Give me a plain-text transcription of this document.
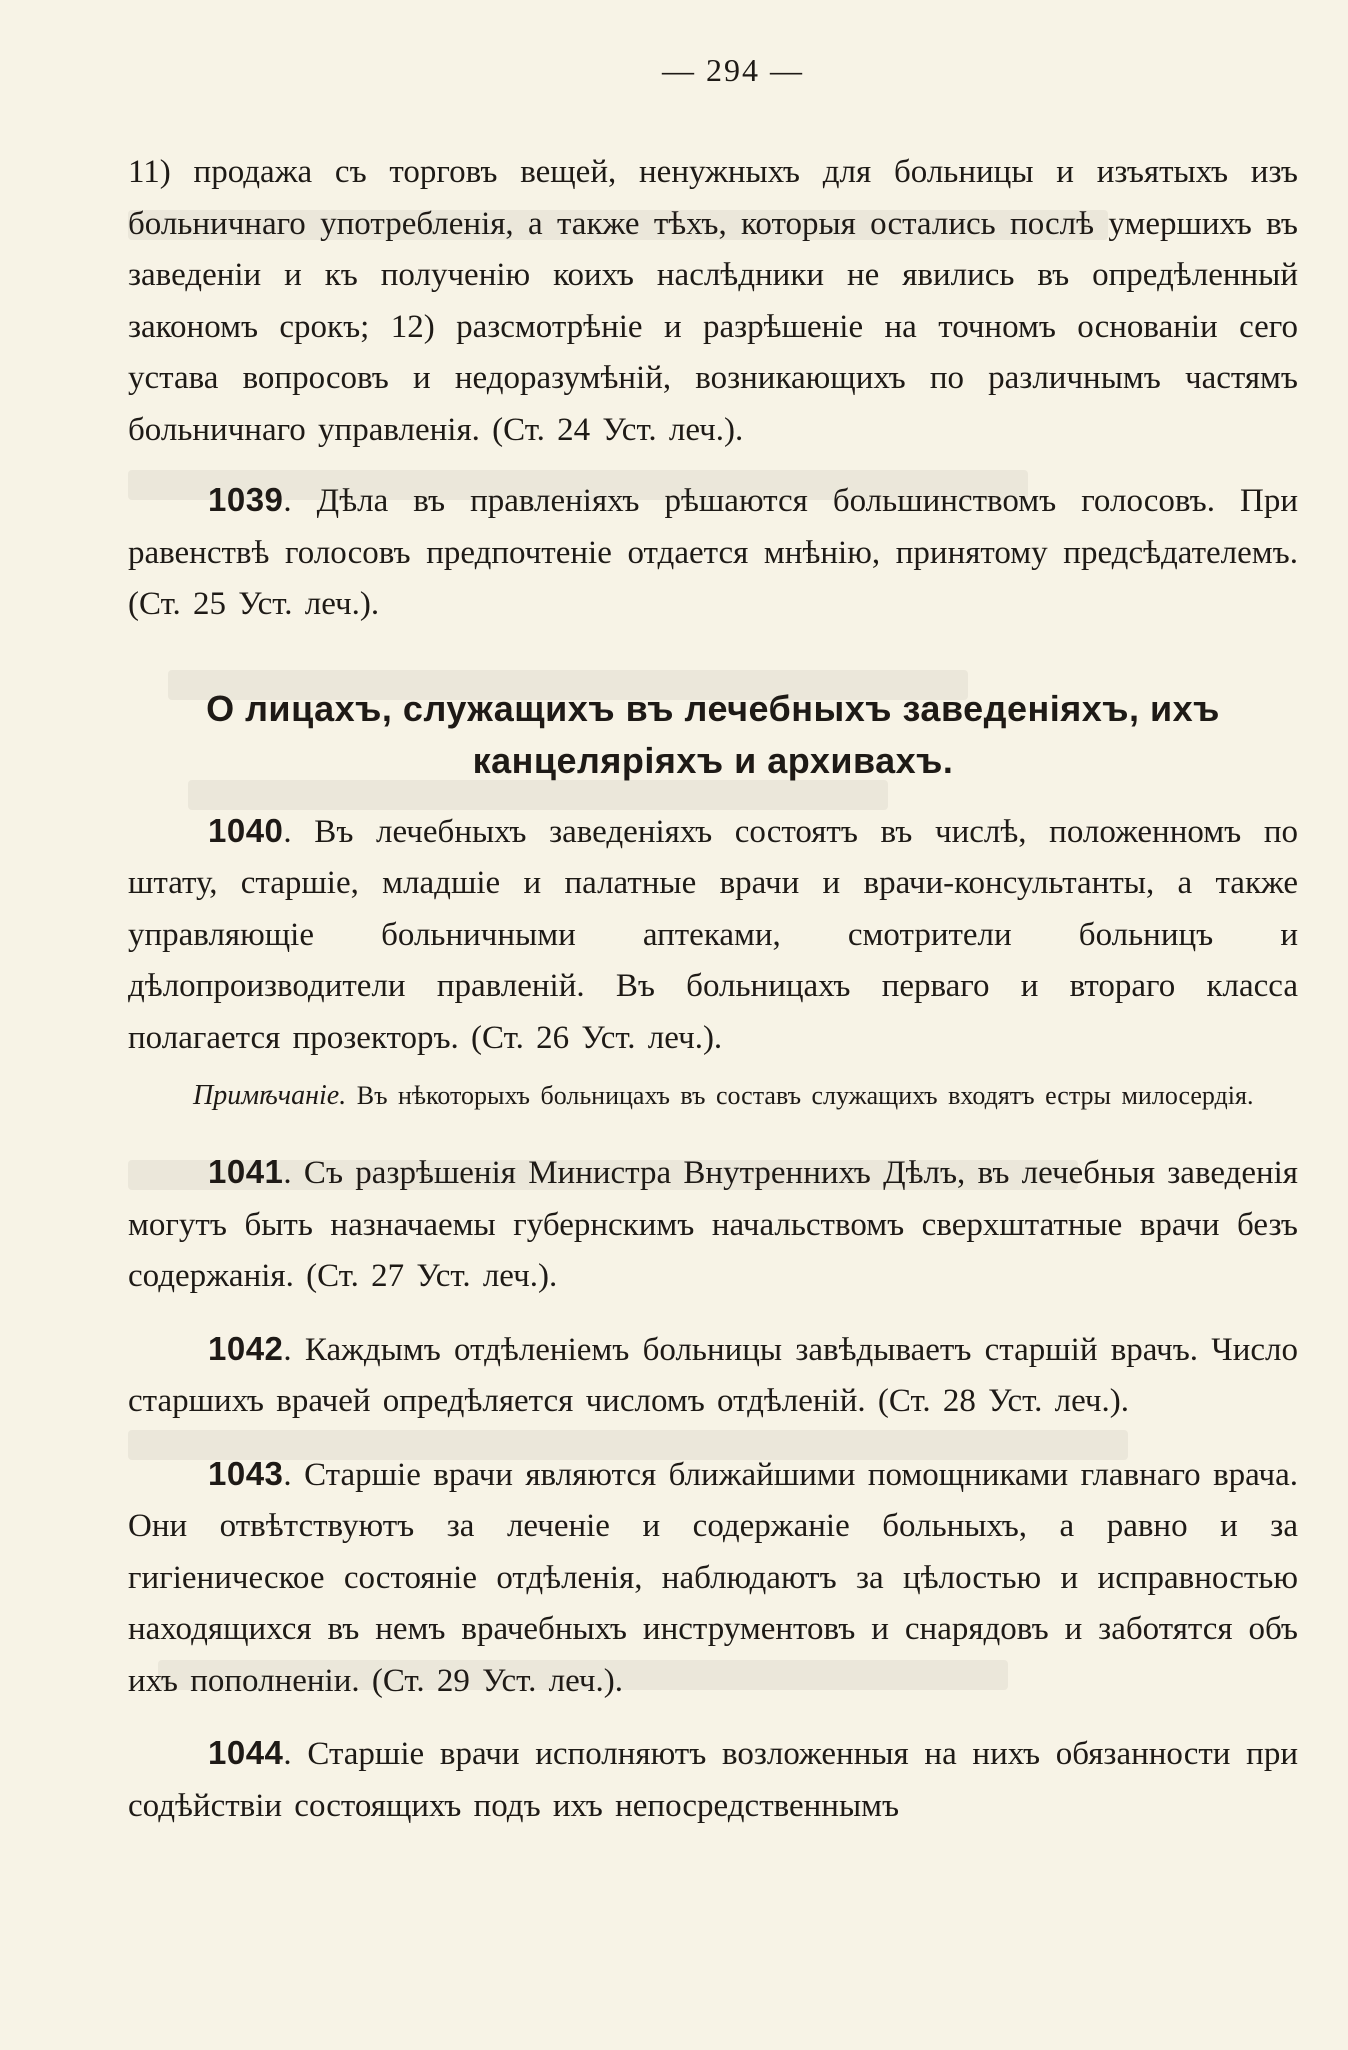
— 294 —

11) продажа съ торговъ вещей, ненужныхъ для больницы и изъятыхъ изъ больничнаго употребленія, а также тѣхъ, которыя остались послѣ умершихъ въ заведеніи и къ полученію коихъ наслѣдники не явились въ опредѣленный закономъ срокъ; 12) разсмотрѣніе и разрѣшеніе на точномъ основаніи сего устава вопросовъ и недоразумѣній, возникающихъ по различнымъ частямъ больничнаго управленія. (Ст. 24 Уст. леч.).

1039. Дѣла въ правленіяхъ рѣшаются большинствомъ голосовъ. При равенствѣ голосовъ предпочтеніе отдается мнѣнію, принятому предсѣдателемъ. (Ст. 25 Уст. леч.).

О лицахъ, служащихъ въ лечебныхъ заведеніяхъ, ихъ канцеляріяхъ и архивахъ.

1040. Въ лечебныхъ заведеніяхъ состоятъ въ числѣ, положенномъ по штату, старшіе, младшіе и палатные врачи и врачи-консультанты, а также управляющіе больничными аптеками, смотрители больницъ и дѣлопроизводители правленій. Въ больницахъ перваго и втораго класса полагается прозекторъ. (Ст. 26 Уст. леч.).

Примѣчаніе. Въ нѣкоторыхъ больницахъ въ составъ служащихъ входятъ естры милосердія.

1041. Съ разрѣшенія Министра Внутреннихъ Дѣлъ, въ лечебныя заведенія могутъ быть назначаемы губернскимъ начальствомъ сверхштатные врачи безъ содержанія. (Ст. 27 Уст. леч.).

1042. Каждымъ отдѣленіемъ больницы завѣдываетъ старшій врачъ. Число старшихъ врачей опредѣляется числомъ отдѣленій. (Ст. 28 Уст. леч.).

1043. Старшіе врачи являются ближайшими помощниками главнаго врача. Они отвѣтствуютъ за леченіе и содержаніе больныхъ, а равно и за гигіеническое состояніе отдѣленія, наблюдаютъ за цѣлостью и исправностью находящихся въ немъ врачебныхъ инструментовъ и снарядовъ и заботятся объ ихъ пополненіи. (Ст. 29 Уст. леч.).

1044. Старшіе врачи исполняютъ возложенныя на нихъ обязанности при содѣйствіи состоящихъ подъ ихъ непосредственнымъ
